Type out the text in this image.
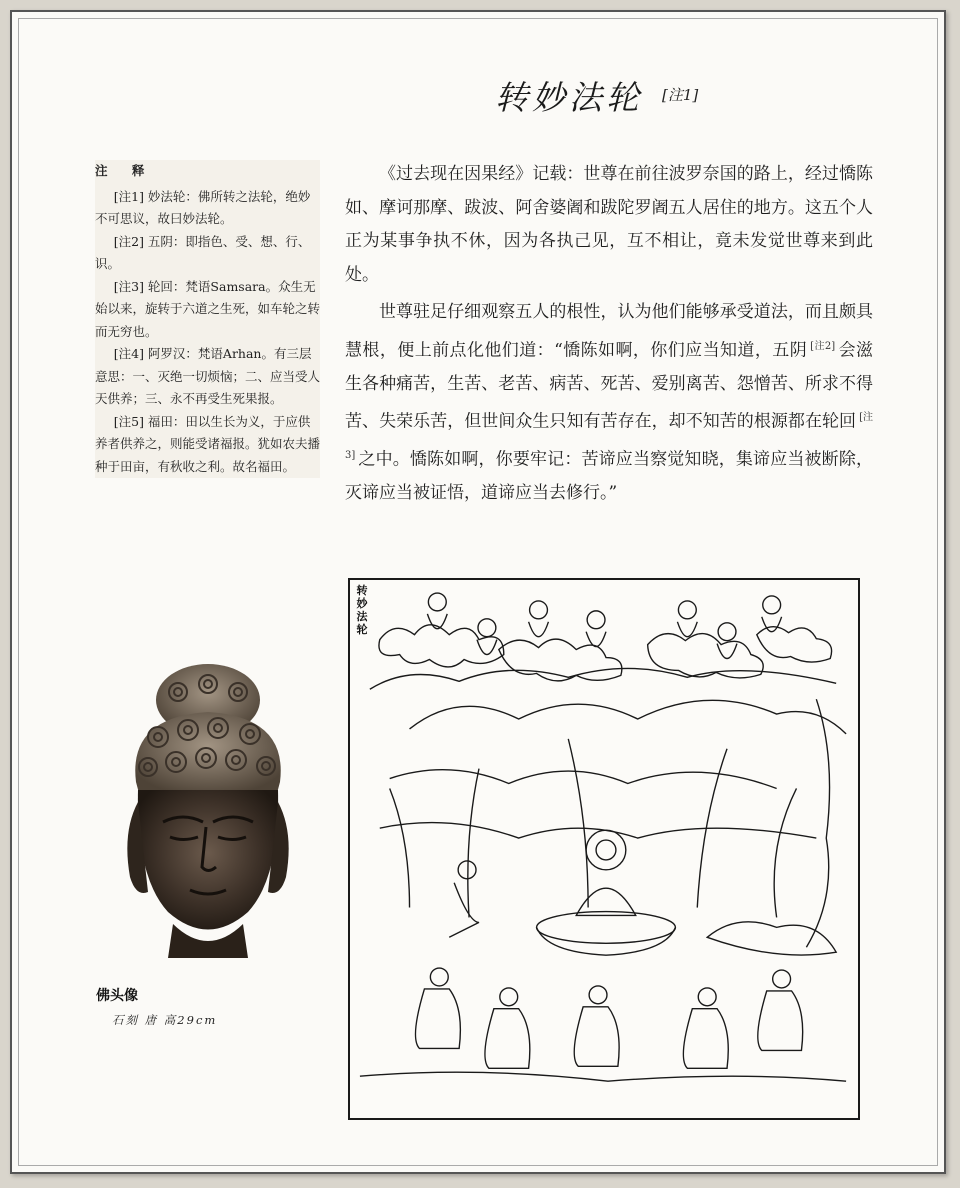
转妙法轮 [注1]
注 释

[注1] 妙法轮：佛所转之法轮，绝妙不可思议，故曰妙法轮。

[注2] 五阴：即指色、受、想、行、识。

[注3] 轮回：梵语Samsara。众生无始以来，旋转于六道之生死，如车轮之转而无穷也。

[注4] 阿罗汉：梵语Arhan。有三层意思：一、灭绝一切烦恼；二、应当受人天供养；三、永不再受生死果报。

[注5] 福田：田以生长为义，于应供养者供养之，则能受诸福报。犹如农夫播种于田亩，有秋收之利。故名福田。

《过去现在因果经》记载：世尊在前往波罗奈国的路上，经过憍陈如、摩诃那摩、跋波、阿舍婆阇和跋陀罗阇五人居住的地方。这五个人正为某事争执不休，因为各执己见，互不相让，竟未发觉世尊来到此处。

世尊驻足仔细观察五人的根性，认为他们能够承受道法，而且颇具慧根，便上前点化他们道：“憍陈如啊，你们应当知道，五阴 [注2] 会滋生各种痛苦，生苦、老苦、病苦、死苦、爱别离苦、怨憎苦、所求不得苦、失荣乐苦，但世间众生只知有苦存在，却不知苦的根源都在轮回 [注3] 之中。憍陈如啊，你要牢记：苦谛应当察觉知晓，集谛应当被断除，灭谛应当被证悟，道谛应当去修行。”

佛头像
石刻 唐 高29cm
转妙法轮
